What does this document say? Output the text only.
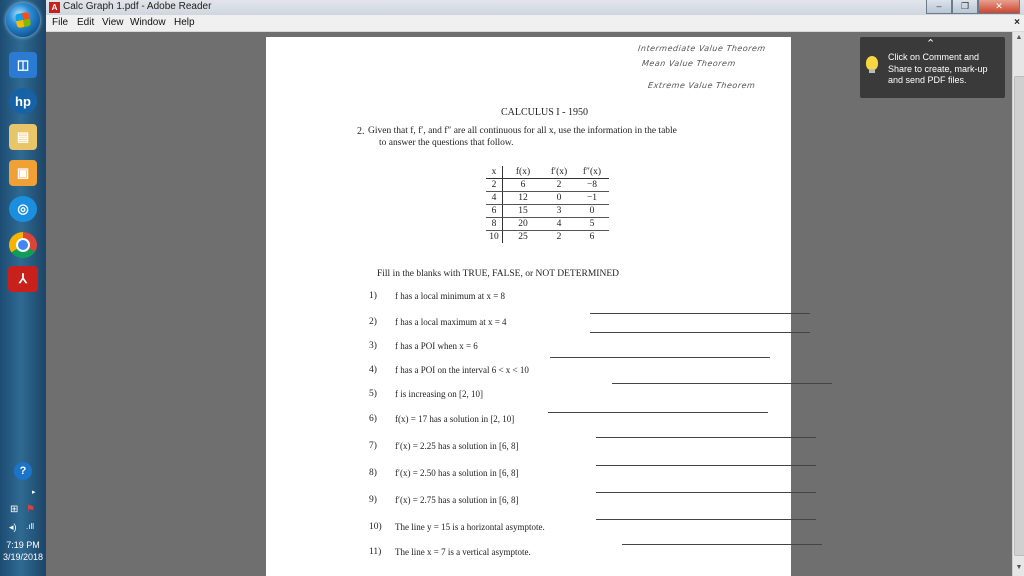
◫
hp
▤
▣
◎
⅄
?
▸
⊞ ⚑
◂) .ıll
7:19 PM
3/19/2018
A Calc Graph 1.pdf - Adobe Reader	–	❐	✕
File Edit View Window Help	×
▲
▼
Intermediate Value Theorem
Mean Value Theorem
Extreme Value Theorem
CALCULUS I - 1950
2. Given that f, f′, and f″ are all continuous for all x, use the information in the table
to answer the questions that follow.
x	f(x)	f′(x)	f″(x)
2	6	2	−8
4	12	0	−1
6	15	3	0
8	20	4	5
10	25	2	6
Fill in the blanks with TRUE, FALSE, or NOT DETERMINED
1) f has a local minimum at x = 8
2) f has a local maximum at x = 4
3) f has a POI when x = 6
4) f has a POI on the interval 6 < x < 10
5) f is increasing on [2, 10]
6) f(x) = 17 has a solution in [2, 10]
7) f′(x) = 2.25 has a solution in [6, 8]
8) f′(x) = 2.50 has a solution in [6, 8]
9) f′(x) = 2.75 has a solution in [6, 8]
10) The line y = 15 is a horizontal asymptote.
11) The line x = 7 is a vertical asymptote.
⌃
Click on Comment and Share to create, mark-up and send PDF files.
